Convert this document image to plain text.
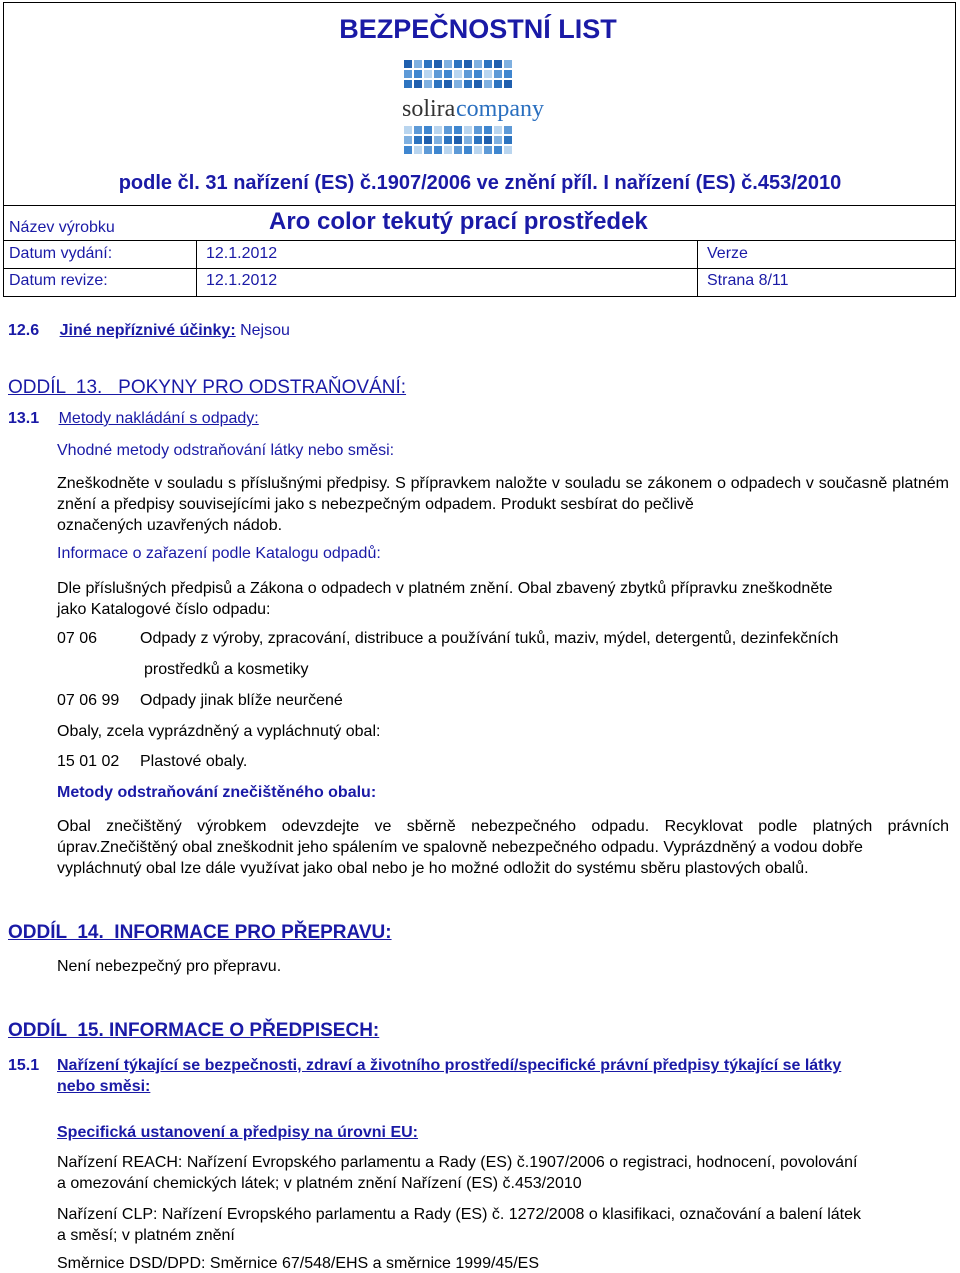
BEZPEČNOSTNÍ LIST
solira company
podle čl. 31 nařízení (ES) č.1907/2006 ve znění příl. I nařízení (ES) č.453/2010
Název výrobku	Aro color tekutý prací prostředek
Datum vydání:	12.1.2012	Verze
Datum revize:	12.1.2012	Strana 8/11
12.6 Jiné nepříznivé účinky: Nejsou
ODDÍL  13.   POKYNY PRO ODSTRAŇOVÁNÍ:
13.1 Metody nakládání s odpady:
Vhodné metody odstraňování látky nebo směsi:
Zneškodněte v souladu s příslušnými předpisy. S přípravkem naložte v souladu se zákonem o odpadech v současně platném znění a předpisy souvisejícími jako s nebezpečným odpadem. Produkt sesbírat do pečlivě
označených uzavřených nádob.
Informace o zařazení podle Katalogu odpadů:
Dle příslušných předpisů a Zákona o odpadech v platném znění. Obal zbavený zbytků přípravku zneškodněte
jako Katalogové číslo odpadu:
07 06	Odpady z výroby, zpracování, distribuce a používání tuků, maziv, mýdel, detergentů, dezinfekčních
prostředků a kosmetiky
07 06 99 Odpady jinak blíže neurčené
Obaly, zcela vyprázdněný a vypláchnutý obal:
15 01 02 Plastové obaly.
Metody odstraňování znečištěného obalu:
Obal znečištěný výrobkem odevzdejte ve sběrně nebezpečného odpadu. Recyklovat podle platných právních úprav.Znečištěný obal zneškodnit jeho spálením ve spalovně nebezpečného odpadu. Vyprázdněný a vodou dobře
vypláchnutý obal lze dále využívat jako obal nebo je ho možné odložit do systému sběru plastových obalů.
ODDÍL  14.  INFORMACE PRO PŘEPRAVU:
Není nebezpečný pro přepravu.
ODDÍL  15. INFORMACE O PŘEDPISECH:
15.1 Nařízení týkající se bezpečnosti, zdraví a životního prostředí/specifické právní předpisy týkající se látky
nebo směsi:
Specifická ustanovení a předpisy na úrovni EU:
Nařízení REACH: Nařízení Evropského parlamentu a Rady (ES) č.1907/2006 o registraci, hodnocení, povolování
a omezování chemických látek; v platném znění Nařízení (ES) č.453/2010
Nařízení CLP: Nařízení Evropského parlamentu a Rady (ES) č. 1272/2008 o klasifikaci, označování a balení látek
a směsí; v platném znění
Směrnice DSD/DPD: Směrnice 67/548/EHS a směrnice 1999/45/ES
